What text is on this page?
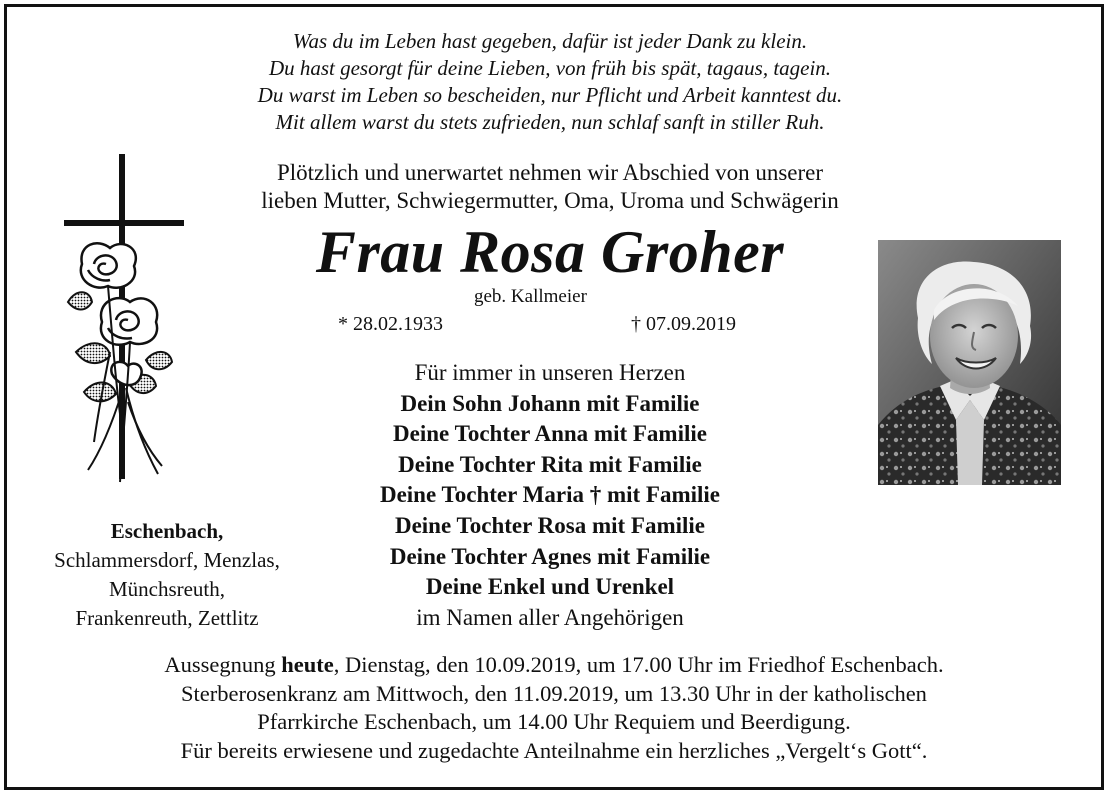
Was du im Leben hast gegeben, dafür ist jeder Dank zu klein.
Du hast gesorgt für deine Lieben, von früh bis spät, tagaus, tagein.
Du warst im Leben so bescheiden, nur Pflicht und Arbeit kanntest du.
Mit allem warst du stets zufrieden, nun schlaf sanft in stiller Ruh.
Plötzlich und unerwartet nehmen wir Abschied von unserer
lieben Mutter, Schwiegermutter, Oma, Uroma und Schwägerin
Frau Rosa Groher
geb. Kallmeier
* 28.02.1933	† 07.09.2019
Für immer in unseren Herzen
Dein Sohn Johann mit Familie
Deine Tochter Anna mit Familie
Deine Tochter Rita mit Familie
Deine Tochter Maria † mit Familie
Deine Tochter Rosa mit Familie
Deine Tochter Agnes mit Familie
Deine Enkel und Urenkel
im Namen aller Angehörigen
Eschenbach,
Schlammersdorf, Menzlas,
Münchsreuth,
Frankenreuth, Zettlitz
Aussegnung heute, Dienstag, den 10.09.2019, um 17.00 Uhr im Friedhof Eschenbach.
Sterberosenkranz am Mittwoch, den 11.09.2019, um 13.30 Uhr in der katholischen
Pfarrkirche Eschenbach, um 14.00 Uhr Requiem und Beerdigung.
Für bereits erwiesene und zugedachte Anteilnahme ein herzliches „Vergelt‘s Gott“.
